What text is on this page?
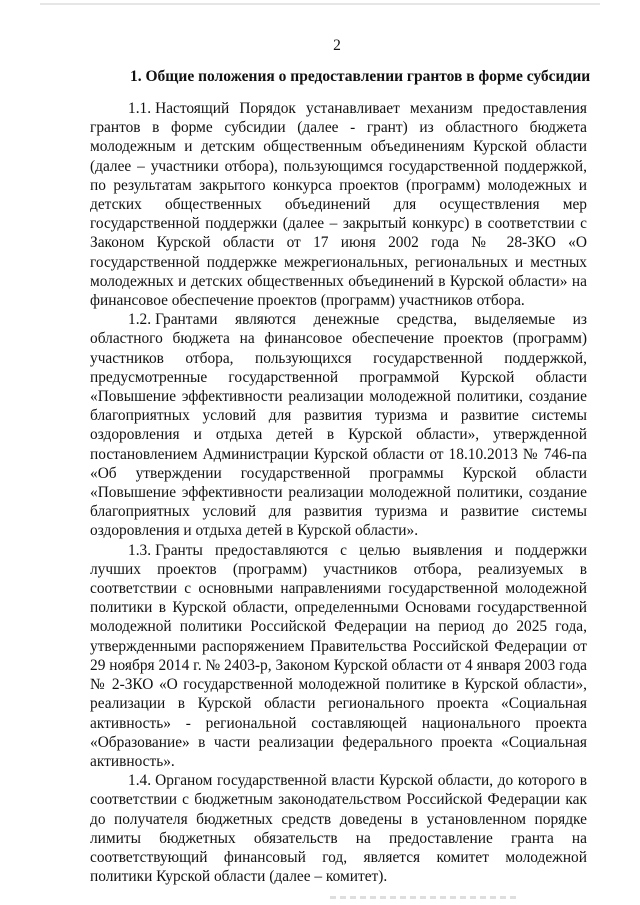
2
1. Общие положения о предоставлении грантов в форме субсидии

1.1. Настоящий Порядок устанавливает механизм предоставления грантов в форме субсидии (далее - грант) из областного бюджета молодежным и детским общественным объединениям Курской области (далее – участники отбора), пользующимся государственной поддержкой, по результатам закрытого конкурса проектов (программ) молодежных и детских общественных объединений для осуществления мер государственной поддержки (далее – закрытый конкурс) в соответствии с Законом Курской области от 17 июня 2002 года № 28-ЗКО «О государственной поддержке межрегиональных, региональных и местных молодежных и детских общественных объединений в Курской области» на финансовое обеспечение проектов (программ) участников отбора.

1.2. Грантами являются денежные средства, выделяемые из областного бюджета на финансовое обеспечение проектов (программ) участников отбора, пользующихся государственной поддержкой, предусмотренные государственной программой Курской области «Повышение эффективности реализации молодежной политики, создание благоприятных условий для развития туризма и развитие системы оздоровления и отдыха детей в Курской области», утвержденной постановлением Администрации Курской области от 18.10.2013 № 746-па «Об утверждении государственной программы Курской области «Повышение эффективности реализации молодежной политики, создание благоприятных условий для развития туризма и развитие системы оздоровления и отдыха детей в Курской области».

1.3. Гранты предоставляются с целью выявления и поддержки лучших проектов (программ) участников отбора, реализуемых в соответствии с основными направлениями государственной молодежной политики в Курской области, определенными Основами государственной молодежной политики Российской Федерации на период до 2025 года, утвержденными распоряжением Правительства Российской Федерации от 29 ноября 2014 г. № 2403-р, Законом Курской области от 4 января 2003 года № 2-ЗКО «О государственной молодежной политике в Курской области», реализации в Курской области регионального проекта «Социальная активность» - региональной составляющей национального проекта «Образование» в части реализации федерального проекта «Социальная активность».

1.4. Органом государственной власти Курской области, до которого в соответствии с бюджетным законодательством Российской Федерации как до получателя бюджетных средств доведены в установленном порядке лимиты бюджетных обязательств на предоставление гранта на соответствующий финансовый год, является комитет молодежной политики Курской области (далее – комитет).
